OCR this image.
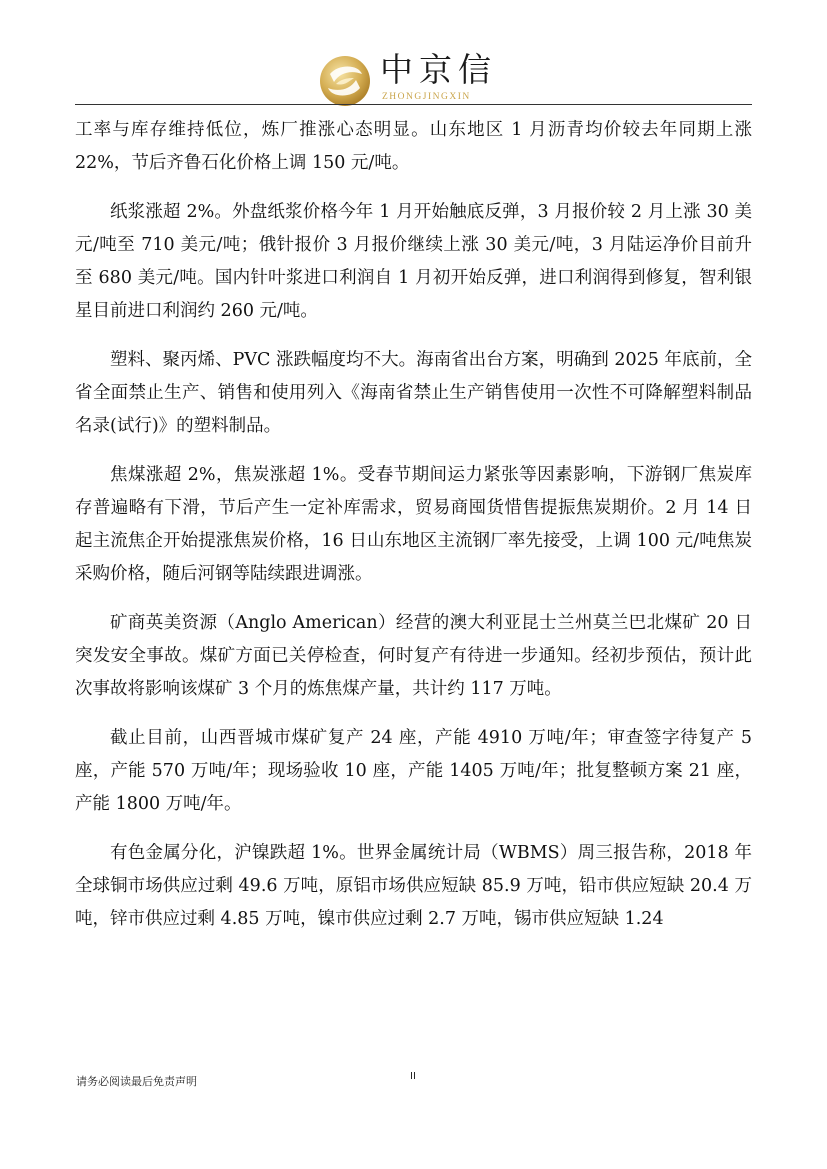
中京信
ZHONGJINGXIN

工率与库存维持低位，炼厂推涨心态明显。山东地区 1 月沥青均价较去年同期上涨 22%，节后齐鲁石化价格上调 150 元/吨。

纸浆涨超 2%。外盘纸浆价格今年 1 月开始触底反弹，3 月报价较 2 月上涨 30 美元/吨至 710 美元/吨；俄针报价 3 月报价继续上涨 30 美元/吨，3 月陆运净价目前升至 680 美元/吨。国内针叶浆进口利润自 1 月初开始反弹，进口利润得到修复，智利银星目前进口利润约 260 元/吨。

塑料、聚丙烯、PVC 涨跌幅度均不大。海南省出台方案，明确到 2025 年底前，全省全面禁止生产、销售和使用列入《海南省禁止生产销售使用一次性不可降解塑料制品名录(试行)》的塑料制品。

焦煤涨超 2%，焦炭涨超 1%。受春节期间运力紧张等因素影响，下游钢厂焦炭库存普遍略有下滑，节后产生一定补库需求，贸易商囤货惜售提振焦炭期价。2 月 14 日起主流焦企开始提涨焦炭价格，16 日山东地区主流钢厂率先接受，上调 100 元/吨焦炭采购价格，随后河钢等陆续跟进调涨。

矿商英美资源（Anglo American）经营的澳大利亚昆士兰州莫兰巴北煤矿 20 日突发安全事故。煤矿方面已关停检查，何时复产有待进一步通知。经初步预估，预计此次事故将影响该煤矿 3 个月的炼焦煤产量，共计约 117 万吨。

截止目前，山西晋城市煤矿复产 24 座，产能 4910 万吨/年；审查签字待复产 5 座，产能 570 万吨/年；现场验收 10 座，产能 1405 万吨/年；批复整顿方案 21 座，产能 1800 万吨/年。

有色金属分化，沪镍跌超 1%。世界金属统计局（WBMS）周三报告称，2018 年全球铜市场供应过剩 49.6 万吨，原铝市场供应短缺 85.9 万吨，铅市供应短缺 20.4 万吨，锌市供应过剩 4.85 万吨，镍市供应过剩 2.7 万吨，锡市供应短缺 1.24

请务必阅读最后免责声明	II
